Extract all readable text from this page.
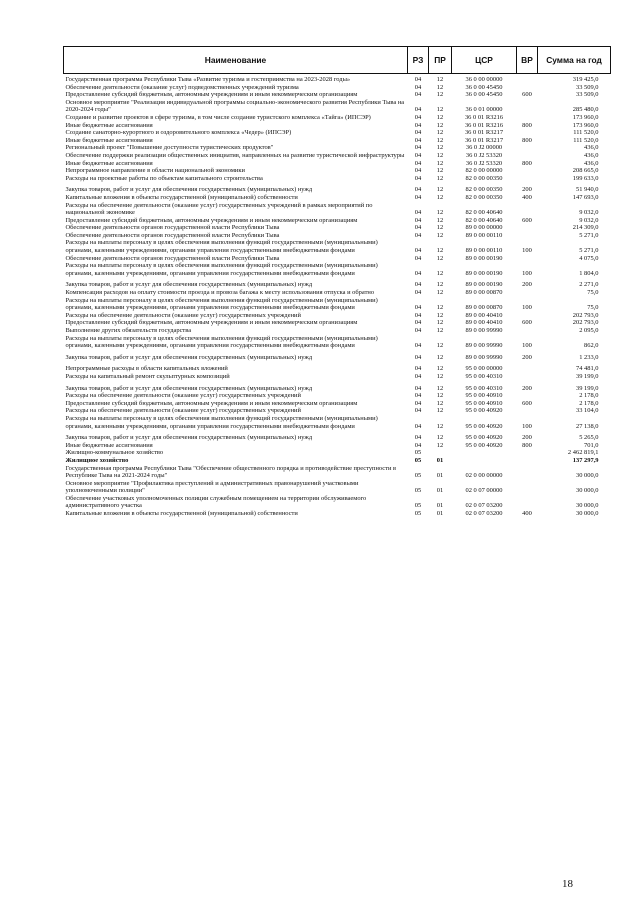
Наименование	РЗ	ПР	ЦСР	ВР	Сумма на год
Государственная программа Республики Тыва «Развитие туризма и гостеприимства на 2023-2028 годы»	04	12	36 0 00 00000		319 425,0
Обеспечение деятельности (оказание услуг) подведомственных учреждений туризма	04	12	36 0 00 45450		33 509,0
Предоставление субсидий бюджетным, автономным учреждениям и иным некоммерческим организациям	04	12	36 0 00 45450	600	33 509,0
Основное мероприятие "Реализация индивидуальной программы социально-экономического развития Республики Тыва на 2020-2024 годы"	04	12	36 0 01 00000		285 480,0
Создание и развитие проектов в сфере туризма, в том числе создание туристского комплекса «Тайга» (ИПСЭР)	04	12	36 0 01 R3216		173 960,0
Иные бюджетные ассигнования	04	12	36 0 01 R3216	800	173 960,0
Создание санаторно-курортного и оздоровительного комплекса «Чедер» (ИПСЭР)	04	12	36 0 01 R3217		111 520,0
Иные бюджетные ассигнования	04	12	36 0 01 R3217	800	111 520,0
Региональный проект "Повышение доступности туристических продуктов"	04	12	36 0 J2 00000		436,0
Обеспечение поддержки реализации общественных инициатив, направленных на развитие туристической инфраструктуры	04	12	36 0 J2 53320		436,0
Иные бюджетные ассигнования	04	12	36 0 J2 53320	800	436,0
Непрограммное направление в области национальной экономики	04	12	82 0 00 00000		208 665,0
Расходы на проектные работы по объектам капитального строительства	04	12	82 0 00 00350		199 633,0
Закупка товаров, работ и услуг для обеспечения государственных (муниципальных) нужд	04	12	82 0 00 00350	200	51 940,0
Капитальные вложения в объекты государственной (муниципальной) собственности	04	12	82 0 00 00350	400	147 693,0
Расходы на обеспечение деятельности (оказание услуг) государственных учреждений в рамках мероприятий по национальной экономике	04	12	82 0 00 40640		9 032,0
Предоставление субсидий бюджетным, автономным учреждениям и иным некоммерческим организациям	04	12	82 0 00 40640	600	9 032,0
Обеспечение деятельности органов государственной власти Республики Тыва	04	12	89 0 00 00000		214 309,0
Обеспечение деятельности органов государственной власти Республики Тыва	04	12	89 0 00 00110		5 271,0
Расходы на выплаты персоналу в целях обеспечения выполнения функций государственными (муниципальными) органами, казенными учреждениями, органами управления государственными внебюджетными фондами	04	12	89 0 00 00110	100	5 271,0
Обеспечение деятельности органов государственной власти Республики Тыва	04	12	89 0 00 00190		4 075,0
Расходы на выплаты персоналу в целях обеспечения выполнения функций государственными (муниципальными) органами, казенными учреждениями, органами управления государственными внебюджетными фондами	04	12	89 0 00 00190	100	1 804,0
Закупка товаров, работ и услуг для обеспечения государственных (муниципальных) нужд	04	12	89 0 00 00190	200	2 271,0
Компенсация расходов на оплату стоимости проезда и провоза багажа к месту использования отпуска и обратно	04	12	89 0 00 00870		75,0
Расходы на выплаты персоналу в целях обеспечения выполнения функций государственными (муниципальными) органами, казенными учреждениями, органами управления государственными внебюджетными фондами	04	12	89 0 00 00870	100	75,0
Расходы на обеспечение деятельности (оказание услуг) государственных учреждений	04	12	89 0 00 40410		202 793,0
Предоставление субсидий бюджетным, автономным учреждениям и иным некоммерческим организациям	04	12	89 0 00 40410	600	202 793,0
Выполнение других обязательств государства	04	12	89 0 00 99990		2 095,0
Расходы на выплаты персоналу в целях обеспечения выполнения функций государственными (муниципальными) органами, казенными учреждениями, органами управления государственными внебюджетными фондами	04	12	89 0 00 99990	100	862,0
Закупка товаров, работ и услуг для обеспечения государственных (муниципальных) нужд	04	12	89 0 00 99990	200	1 233,0
Непрограммные расходы в области капитальных вложений	04	12	95 0 00 00000		74 481,0
Расходы на капитальный ремонт скульптурных композиций	04	12	95 0 00 40310		39 199,0
Закупка товаров, работ и услуг для обеспечения государственных (муниципальных) нужд	04	12	95 0 00 40310	200	39 199,0
Расходы на обеспечение деятельности (оказание услуг) государственных учреждений	04	12	95 0 00 40910		2 178,0
Предоставление субсидий бюджетным, автономным учреждениям и иным некоммерческим организациям	04	12	95 0 00 40910	600	2 178,0
Расходы на обеспечение деятельности (оказание услуг) государственных учреждений	04	12	95 0 00 40920		33 104,0
Расходы на выплаты персоналу в целях обеспечения выполнения функций государственными (муниципальными) органами, казенными учреждениями, органами управления государственными внебюджетными фондами	04	12	95 0 00 40920	100	27 138,0
Закупка товаров, работ и услуг для обеспечения государственных (муниципальных) нужд	04	12	95 0 00 40920	200	5 265,0
Иные бюджетные ассигнования	04	12	95 0 00 40920	800	701,0
Жилищно-коммунальное хозяйство	05				2 462 819,1
Жилищное хозяйство	05	01			137 297,9
Государственная программа Республики Тыва "Обеспечение общественного порядка и противодействие преступности в Республике Тыва на 2021-2024 годы"	05	01	02 0 00 00000		30 000,0
Основное мероприятие "Профилактика преступлений и административных правонарушений участковыми уполномоченными полиции"	05	01	02 0 07 00000		30 000,0
Обеспечение участковых уполномоченных полиции служебным помещением на территории обслуживаемого административного участка	05	01	02 0 07 03200		30 000,0
Капитальные вложения в объекты государственной (муниципальной) собственности	05	01	02 0 07 03200	400	30 000,0
18
